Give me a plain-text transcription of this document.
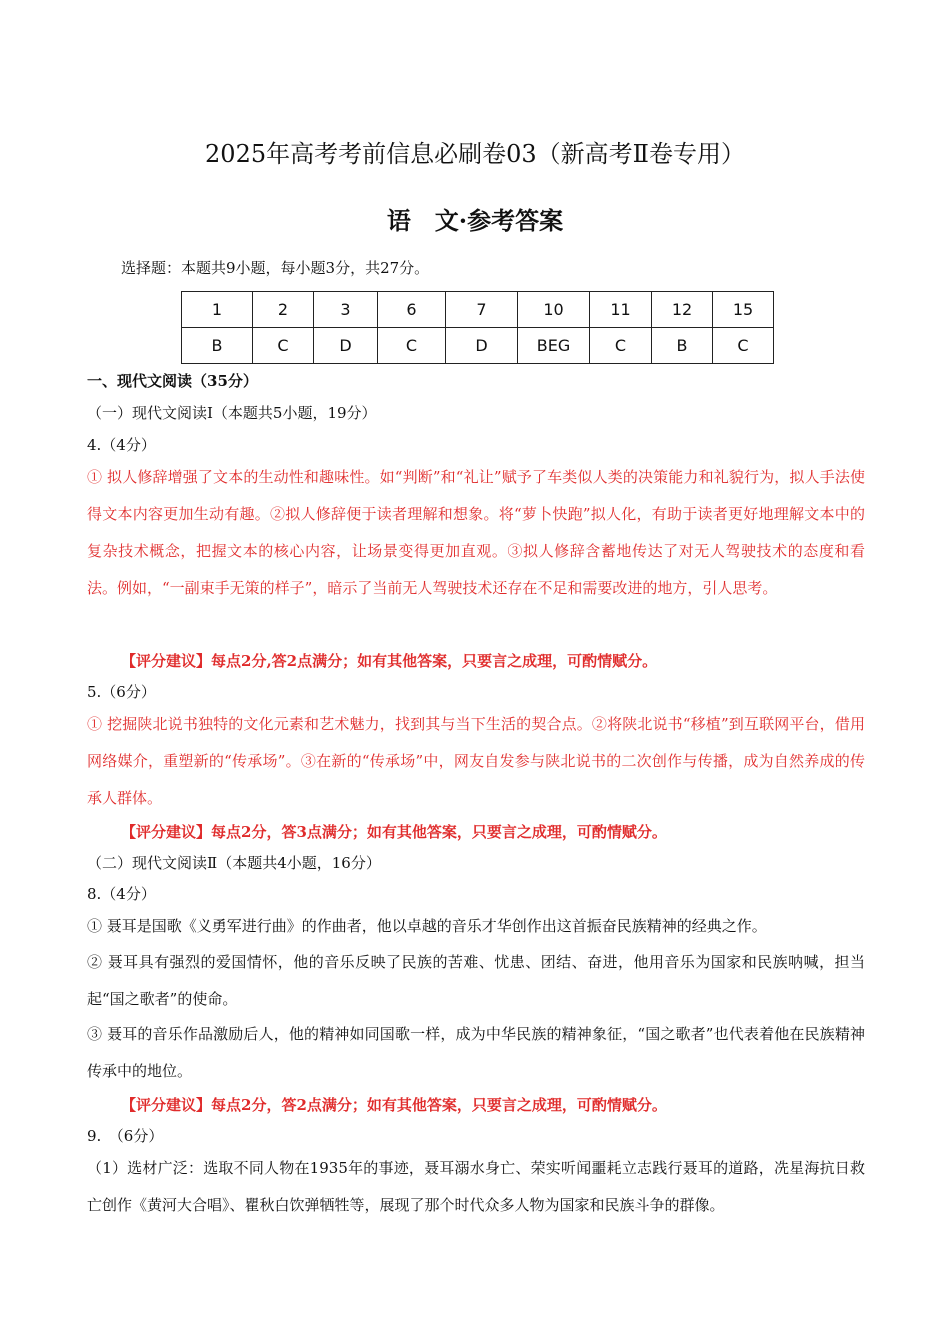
2025年高考考前信息必刷卷03（新高考Ⅱ卷专用）
语　文·参考答案
选择题：本题共9小题，每小题3分，共27分。
1	2	3	6	7	10	11	12	15
B	C	D	C	D	BEG	C	B	C
一、现代文阅读（35分）
（一）现代文阅读Ⅰ（本题共5小题，19分）
4.（4分）

① 拟人修辞增强了文本的生动性和趣味性。如“判断”和“礼让”赋予了车类似人类的决策能力和礼貌行为，拟人手法使得文本内容更加生动有趣。②拟人修辞便于读者理解和想象。将“萝卜快跑”拟人化，有助于读者更好地理解文本中的复杂技术概念，把握文本的核心内容，让场景变得更加直观。③拟人修辞含蓄地传达了对无人驾驶技术的态度和看法。例如，“一副束手无策的样子”，暗示了当前无人驾驶技术还存在不足和需要改进的地方，引人思考。

【评分建议】每点2分,答2点满分；如有其他答案，只要言之成理，可酌情赋分。
5.（6分）

① 挖掘陕北说书独特的文化元素和艺术魅力，找到其与当下生活的契合点。②将陕北说书“移植”到互联网平台，借用网络媒介，重塑新的“传承场”。③在新的“传承场”中，网友自发参与陕北说书的二次创作与传播，成为自然养成的传承人群体。

【评分建议】每点2分，答3点满分；如有其他答案，只要言之成理，可酌情赋分。
（二）现代文阅读Ⅱ（本题共4小题，16分）
8.（4分）

① 聂耳是国歌《义勇军进行曲》的作曲者，他以卓越的音乐才华创作出这首振奋民族精神的经典之作。

② 聂耳具有强烈的爱国情怀，他的音乐反映了民族的苦难、忧患、团结、奋进，他用音乐为国家和民族呐喊，担当起“国之歌者”的使命。

③ 聂耳的音乐作品激励后人，他的精神如同国歌一样，成为中华民族的精神象征，“国之歌者”也代表着他在民族精神传承中的地位。

【评分建议】每点2分，答2点满分；如有其他答案，只要言之成理，可酌情赋分。
9.　（6分）

（1）选材广泛：选取不同人物在1935年的事迹，聂耳溺水身亡、荣实听闻噩耗立志践行聂耳的道路，冼星海抗日救亡创作《黄河大合唱》、瞿秋白饮弹牺牲等，展现了那个时代众多人物为国家和民族斗争的群像。
